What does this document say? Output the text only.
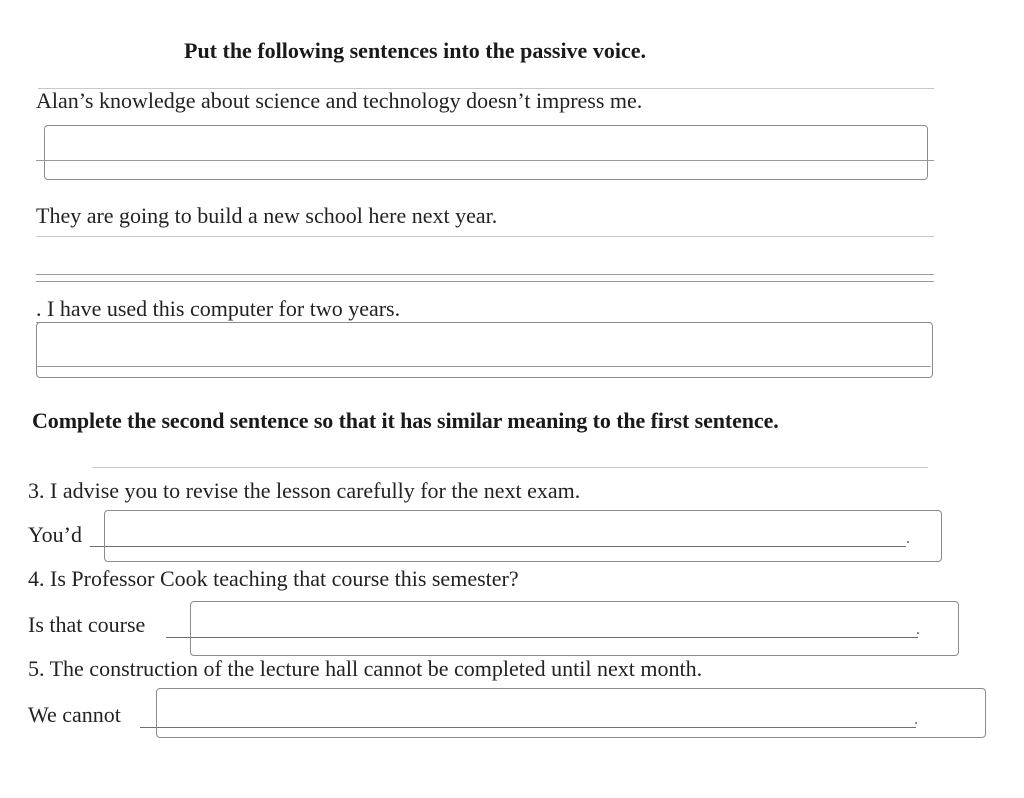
Put the following sentences into the passive voice.
Alan’s knowledge about science and technology doesn’t impress me.
They are going to build a new school here next year.
. I have used this computer for two years.
Complete the second sentence so that it has similar meaning to the first sentence.
3. I advise you to revise the lesson carefully for the next exam.
You’d	.
4. Is Professor Cook teaching that course this semester?
Is that course	.
5. The construction of the lecture hall cannot be completed until next month.
We cannot	.
